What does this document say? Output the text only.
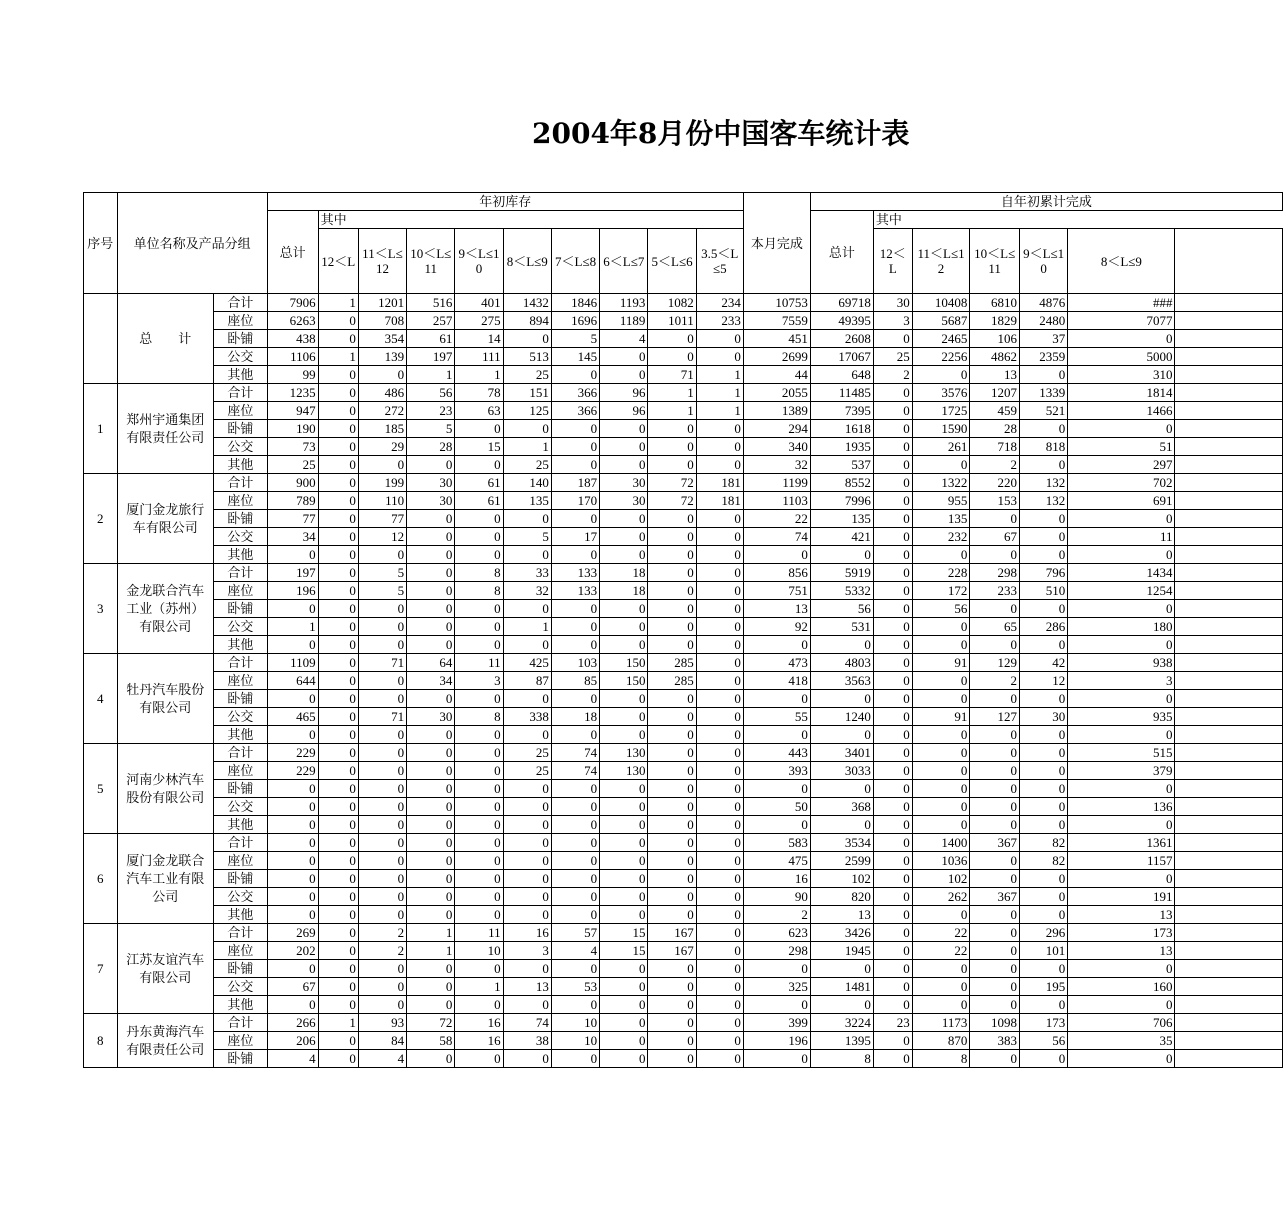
2004年8月份中国客车统计表
序号	单位名称及产品分组		年初库存										本月完成	自年初累计完成						
			总计	其中										总计	其中					
				12＜L	11＜L≤12	10＜L≤11	9＜L≤10	8＜L≤9	7＜L≤8	6＜L≤7	5＜L≤6	3.5＜L≤5			12＜L	11＜L≤12	10＜L≤11	9＜L≤10	8＜L≤9	
	总　　计	合计	7906	1	1201	516	401	1432	1846	1193	1082	234	10753	69718	30	10408	6810	4876	###	
		座位	6263	0	708	257	275	894	1696	1189	1011	233	7559	49395	3	5687	1829	2480	7077	
		卧铺	438	0	354	61	14	0	5	4	0	0	451	2608	0	2465	106	37	0	
		公交	1106	1	139	197	111	513	145	0	0	0	2699	17067	25	2256	4862	2359	5000	
		其他	99	0	0	1	1	25	0	0	71	1	44	648	2	0	13	0	310	
1	郑州宇通集团有限责任公司	合计	1235	0	486	56	78	151	366	96	1	1	2055	11485	0	3576	1207	1339	1814	
		座位	947	0	272	23	63	125	366	96	1	1	1389	7395	0	1725	459	521	1466	
		卧铺	190	0	185	5	0	0	0	0	0	0	294	1618	0	1590	28	0	0	
		公交	73	0	29	28	15	1	0	0	0	0	340	1935	0	261	718	818	51	
		其他	25	0	0	0	0	25	0	0	0	0	32	537	0	0	2	0	297	
2	厦门金龙旅行车有限公司	合计	900	0	199	30	61	140	187	30	72	181	1199	8552	0	1322	220	132	702	
		座位	789	0	110	30	61	135	170	30	72	181	1103	7996	0	955	153	132	691	
		卧铺	77	0	77	0	0	0	0	0	0	0	22	135	0	135	0	0	0	
		公交	34	0	12	0	0	5	17	0	0	0	74	421	0	232	67	0	11	
		其他	0	0	0	0	0	0	0	0	0	0	0	0	0	0	0	0	0	
3	金龙联合汽车工业（苏州）有限公司	合计	197	0	5	0	8	33	133	18	0	0	856	5919	0	228	298	796	1434	
		座位	196	0	5	0	8	32	133	18	0	0	751	5332	0	172	233	510	1254	
		卧铺	0	0	0	0	0	0	0	0	0	0	13	56	0	56	0	0	0	
		公交	1	0	0	0	0	1	0	0	0	0	92	531	0	0	65	286	180	
		其他	0	0	0	0	0	0	0	0	0	0	0	0	0	0	0	0	0	
4	牡丹汽车股份有限公司	合计	1109	0	71	64	11	425	103	150	285	0	473	4803	0	91	129	42	938	
		座位	644	0	0	34	3	87	85	150	285	0	418	3563	0	0	2	12	3	
		卧铺	0	0	0	0	0	0	0	0	0	0	0	0	0	0	0	0	0	
		公交	465	0	71	30	8	338	18	0	0	0	55	1240	0	91	127	30	935	
		其他	0	0	0	0	0	0	0	0	0	0	0	0	0	0	0	0	0	
5	河南少林汽车股份有限公司	合计	229	0	0	0	0	25	74	130	0	0	443	3401	0	0	0	0	515	
		座位	229	0	0	0	0	25	74	130	0	0	393	3033	0	0	0	0	379	
		卧铺	0	0	0	0	0	0	0	0	0	0	0	0	0	0	0	0	0	
		公交	0	0	0	0	0	0	0	0	0	0	50	368	0	0	0	0	136	
		其他	0	0	0	0	0	0	0	0	0	0	0	0	0	0	0	0	0	
6	厦门金龙联合汽车工业有限公司	合计	0	0	0	0	0	0	0	0	0	0	583	3534	0	1400	367	82	1361	
		座位	0	0	0	0	0	0	0	0	0	0	475	2599	0	1036	0	82	1157	
		卧铺	0	0	0	0	0	0	0	0	0	0	16	102	0	102	0	0	0	
		公交	0	0	0	0	0	0	0	0	0	0	90	820	0	262	367	0	191	
		其他	0	0	0	0	0	0	0	0	0	0	2	13	0	0	0	0	13	
7	江苏友谊汽车有限公司	合计	269	0	2	1	11	16	57	15	167	0	623	3426	0	22	0	296	173	
		座位	202	0	2	1	10	3	4	15	167	0	298	1945	0	22	0	101	13	
		卧铺	0	0	0	0	0	0	0	0	0	0	0	0	0	0	0	0	0	
		公交	67	0	0	0	1	13	53	0	0	0	325	1481	0	0	0	195	160	
		其他	0	0	0	0	0	0	0	0	0	0	0	0	0	0	0	0	0	
8	丹东黄海汽车有限责任公司	合计	266	1	93	72	16	74	10	0	0	0	399	3224	23	1173	1098	173	706	
		座位	206	0	84	58	16	38	10	0	0	0	196	1395	0	870	383	56	35	
		卧铺	4	0	4	0	0	0	0	0	0	0	0	8	0	8	0	0	0	
